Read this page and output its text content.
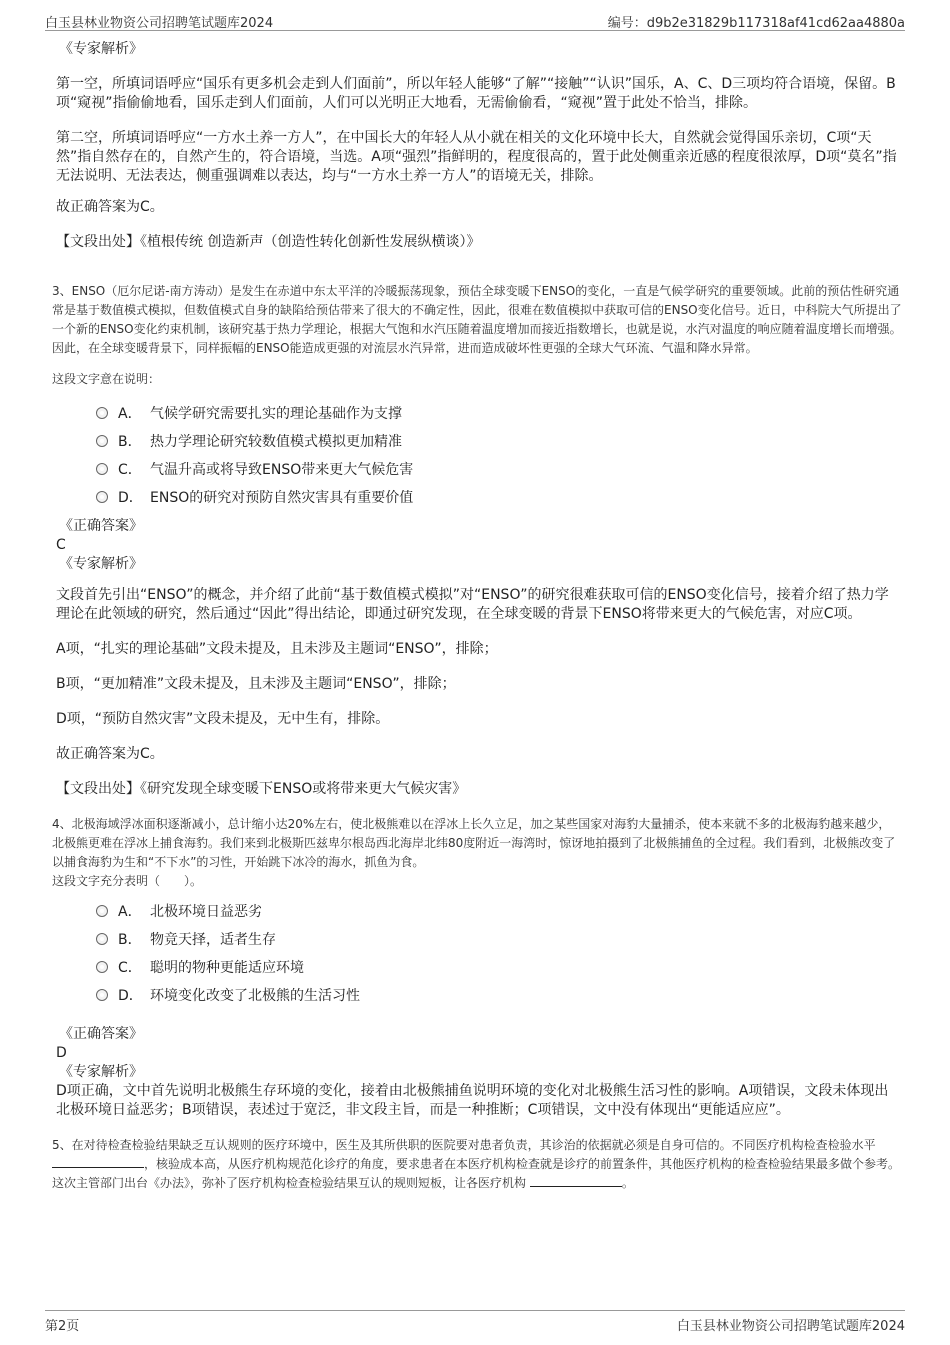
白玉县林业物资公司招聘笔试题库2024	编号：d9b2e31829b117318af41cd62aa4880a

《专家解析》

第一空，所填词语呼应“国乐有更多机会走到人们面前”，所以年轻人能够“了解”“接触”“认识”国乐，A、C、D三项均符合语境，保留。B项“窥视”指偷偷地看，国乐走到人们面前，人们可以光明正大地看，无需偷偷看，“窥视”置于此处不恰当，排除。

第二空，所填词语呼应“一方水土养一方人”，在中国长大的年轻人从小就在相关的文化环境中长大，自然就会觉得国乐亲切，C项“天然”指自然存在的，自然产生的，符合语境，当选。A项“强烈”指鲜明的，程度很高的，置于此处侧重亲近感的程度很浓厚，D项“莫名”指无法说明、无法表达，侧重强调难以表达，均与“一方水土养一方人”的语境无关，排除。

故正确答案为C。

【文段出处】《植根传统 创造新声（创造性转化创新性发展纵横谈）》

3、ENSO（厄尔尼诺-南方涛动）是发生在赤道中东太平洋的冷暖振荡现象，预估全球变暖下ENSO的变化，一直是气候学研究的重要领域。此前的预估性研究通常是基于数值模式模拟，但数值模式自身的缺陷给预估带来了很大的不确定性，因此，很难在数值模拟中获取可信的ENSO变化信号。近日，中科院大气所提出了一个新的ENSO变化约束机制，该研究基于热力学理论，根据大气饱和水汽压随着温度增加而接近指数增长，也就是说，水汽对温度的响应随着温度增长而增强。因此，在全球变暖背景下，同样振幅的ENSO能造成更强的对流层水汽异常，进而造成破坏性更强的全球大气环流、气温和降水异常。

这段文字意在说明：

A． 气候学研究需要扎实的理论基础作为支撑
B． 热力学理论研究较数值模式模拟更加精准
C． 气温升高或将导致ENSO带来更大气候危害
D． ENSO的研究对预防自然灾害具有重要价值

《正确答案》

C

《专家解析》

文段首先引出“ENSO”的概念，并介绍了此前“基于数值模式模拟”对“ENSO”的研究很难获取可信的ENSO变化信号，接着介绍了热力学理论在此领域的研究，然后通过“因此”得出结论，即通过研究发现，在全球变暖的背景下ENSO将带来更大的气候危害，对应C项。

A项，“扎实的理论基础”文段未提及，且未涉及主题词“ENSO”，排除；

B项，“更加精准”文段未提及，且未涉及主题词“ENSO”，排除；

D项，“预防自然灾害”文段未提及，无中生有，排除。

故正确答案为C。

【文段出处】《研究发现全球变暖下ENSO或将带来更大气候灾害》

4、北极海域浮冰面积逐渐减小，总计缩小达20%左右，使北极熊难以在浮冰上长久立足，加之某些国家对海豹大量捕杀，使本来就不多的北极海豹越来越少，北极熊更难在浮冰上捕食海豹。我们来到北极斯匹兹卑尔根岛西北海岸北纬80度附近一海湾时，惊讶地拍摄到了北极熊捕鱼的全过程。我们看到，北极熊改变了以捕食海豹为生和“不下水”的习性，开始跳下冰冷的海水，抓鱼为食。

这段文字充分表明（　　）。

A． 北极环境日益恶劣
B． 物竞天择，适者生存
C． 聪明的物种更能适应环境
D． 环境变化改变了北极熊的生活习性

《正确答案》

D

《专家解析》

D项正确，文中首先说明北极熊生存环境的变化，接着由北极熊捕鱼说明环境的变化对北极熊生活习性的影响。A项错误，文段未体现出北极环境日益恶劣；B项错误，表述过于宽泛，非文段主旨，而是一种推断；C项错误，文中没有体现出“更能适应应”。

5、在对待检查检验结果缺乏互认规则的医疗环境中，医生及其所供职的医院要对患者负责，其诊治的依据就必须是自身可信的。不同医疗机构检查检验水平 ，核验成本高，从医疗机构规范化诊疗的角度，要求患者在本医疗机构检查就是诊疗的前置条件，其他医疗机构的检查检验结果最多做个参考。这次主管部门出台《办法》，弥补了医疗机构检查检验结果互认的规则短板，让各医疗机构	。

第2页	白玉县林业物资公司招聘笔试题库2024
